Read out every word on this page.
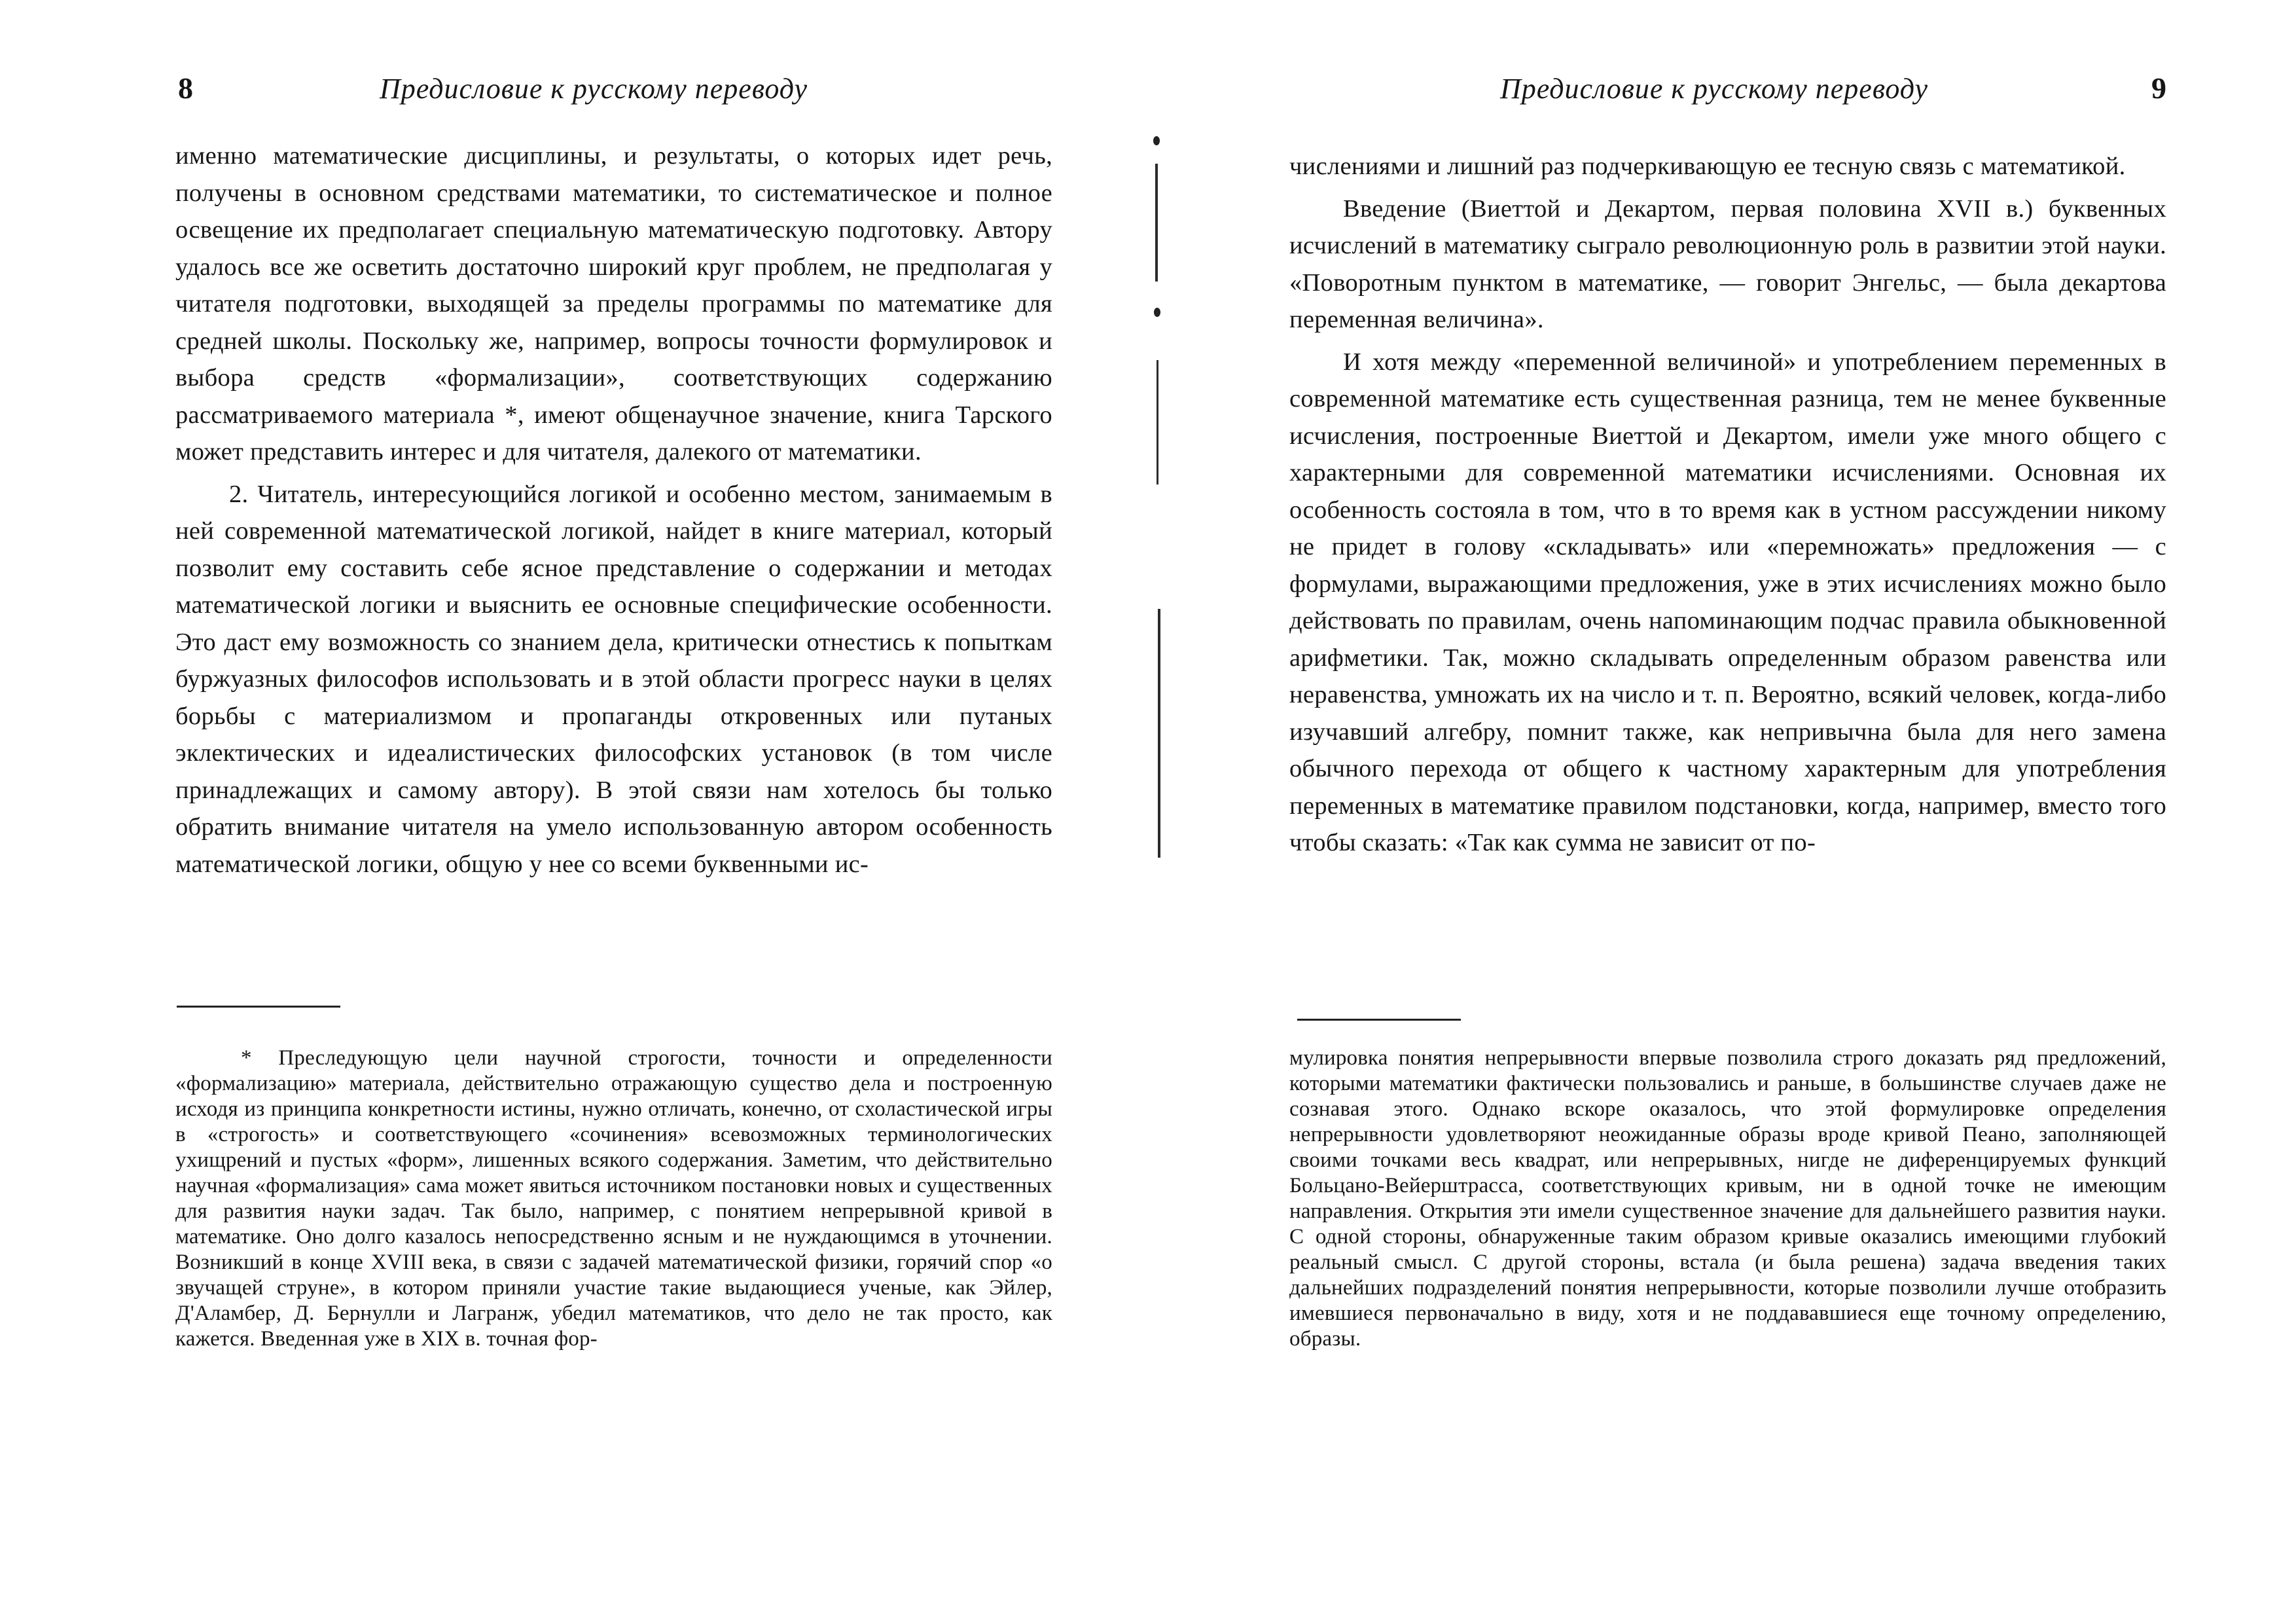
8	Предисловие к русскому переводу

именно математические дисциплины, и результаты, о которых идет речь, получены в основном средствами математики, то систематическое и полное освещение их предполагает специальную математическую подготовку. Автору удалось все же осветить достаточно широкий круг проблем, не предполагая у читателя подготовки, выходящей за пределы программы по математике для средней школы. Поскольку же, например, вопросы точности формулировок и выбора средств «формализации», соответствующих содержанию рассматриваемого материала *, имеют общенаучное значение, книга Тарского может представить интерес и для читателя, далекого от математики.

2. Читатель, интересующийся логикой и особенно местом, занимаемым в ней современной математической логикой, найдет в книге материал, который позволит ему составить себе ясное представление о содержании и методах математической логики и выяснить ее основные специфические особенности. Это даст ему возможность со знанием дела, критически отнестись к попыткам буржуазных философов использовать и в этой области прогресс науки в целях борьбы с материализмом и пропаганды откровенных или путаных эклектических и идеалистических философских установок (в том числе принадлежащих и самому автору). В этой связи нам хотелось бы только обратить внимание читателя на умело использованную автором особенность математической логики, общую у нее со всеми буквенными ис-

* Преследующую цели научной строгости, точности и определенности «формализацию» материала, действительно отражающую существо дела и построенную исходя из принципа конкретности истины, нужно отличать, конечно, от схоластической игры в «строгость» и соответствующего «сочинения» всевозможных терминологических ухищрений и пустых «форм», лишенных всякого содержания. Заметим, что действительно научная «формализация» сама может явиться источником постановки новых и существенных для развития науки задач. Так было, например, с понятием непрерывной кривой в математике. Оно долго казалось непосредственно ясным и не нуждающимся в уточнении. Возникший в конце XVIII века, в связи с задачей математической физики, горячий спор «о звучащей струне», в котором приняли участие такие выдающиеся ученые, как Эйлер, Д'Аламбер, Д. Бернулли и Лагранж, убедил математиков, что дело не так просто, как кажется. Введенная уже в XIX в. точная фор-

Предисловие к русскому переводу	9

числениями и лишний раз подчеркивающую ее тесную связь с математикой.

Введение (Виеттой и Декартом, первая половина XVII в.) буквенных исчислений в математику сыграло революционную роль в развитии этой науки. «Поворотным пунктом в математике, — говорит Энгельс, — была декартова переменная величина».

И хотя между «переменной величиной» и употреблением переменных в современной математике есть существенная разница, тем не менее буквенные исчисления, построенные Виеттой и Декартом, имели уже много общего с характерными для современной математики исчислениями. Основная их особенность состояла в том, что в то время как в устном рассуждении никому не придет в голову «складывать» или «перемножать» предложения — с формулами, выражающими предложения, уже в этих исчислениях можно было действовать по правилам, очень напоминающим подчас правила обыкновенной арифметики. Так, можно складывать определенным образом равенства или неравенства, умножать их на число и т. п. Вероятно, всякий человек, когда-либо изучавший алгебру, помнит также, как непривычна была для него замена обычного перехода от общего к частному характерным для употребления переменных в математике правилом подстановки, когда, например, вместо того чтобы сказать: «Так как сумма не зависит от по-

мулировка понятия непрерывности впервые позволила строго доказать ряд предложений, которыми математики фактически пользовались и раньше, в большинстве случаев даже не сознавая этого. Однако вскоре оказалось, что этой формулировке определения непрерывности удовлетворяют неожиданные образы вроде кривой Пеано, заполняющей своими точками весь квадрат, или непрерывных, нигде не диференцируемых функций Больцано-Вейерштрасса, соответствующих кривым, ни в одной точке не имеющим направления. Открытия эти имели существенное значение для дальнейшего развития науки. С одной стороны, обнаруженные таким образом кривые оказались имеющими глубокий реальный смысл. С другой стороны, встала (и была решена) задача введения таких дальнейших подразделений понятия непрерывности, которые позволили лучше отобразить имевшиеся первоначально в виду, хотя и не поддававшиеся еще точному определению, образы.
